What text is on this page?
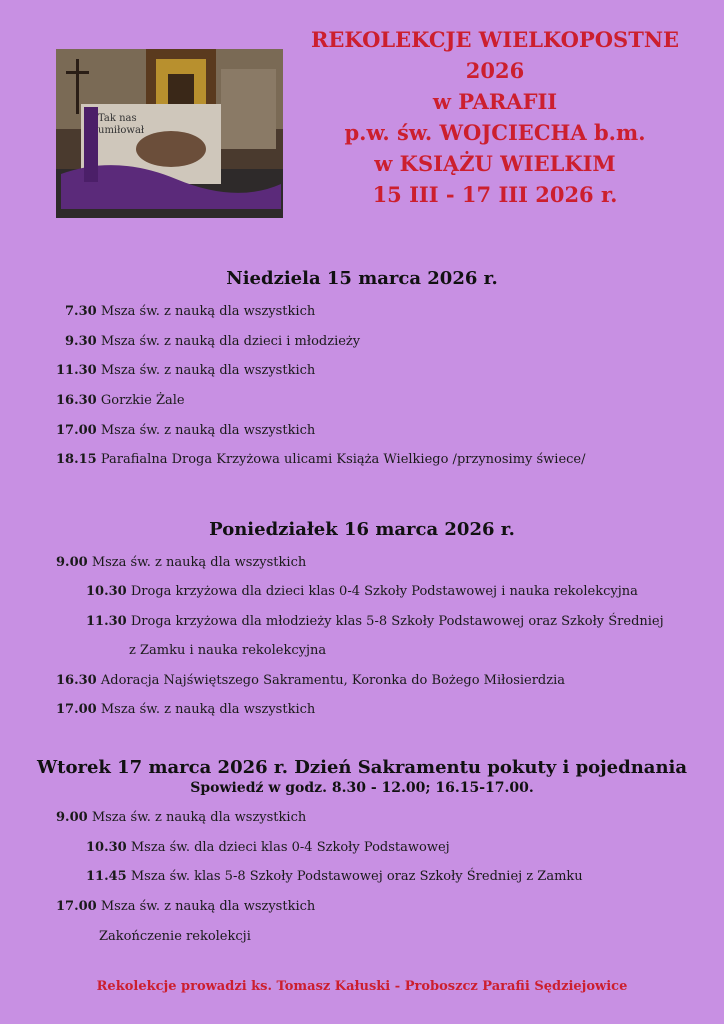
Tak nas
umiłował
REKOLEKCJE WIELKOPOSTNE 2026
w PARAFII
p.w. św. WOJCIECHA b.m.
w KSIĄŻU WIELKIM
15 III - 17 III 2026 r.
Niedziela 15 marca 2026 r.
7.30 Msza św. z nauką dla wszystkich
9.30 Msza św. z nauką dla dzieci i młodzieży
11.30 Msza św. z nauką dla wszystkich
16.30 Gorzkie Żale
17.00 Msza św. z nauką dla wszystkich
18.15 Parafialna Droga Krzyżowa ulicami Książa Wielkiego /przynosimy świece/
Poniedziałek 16 marca 2026 r.
9.00 Msza św. z nauką dla wszystkich
10.30 Droga krzyżowa dla dzieci klas 0-4 Szkoły Podstawowej i nauka rekolekcyjna
11.30 Droga krzyżowa dla młodzieży klas 5-8 Szkoły Podstawowej oraz Szkoły Średniej
z Zamku i nauka rekolekcyjna
16.30 Adoracja Najświętszego Sakramentu, Koronka do Bożego Miłosierdzia
17.00 Msza św. z nauką dla wszystkich
Wtorek 17 marca 2026 r. Dzień Sakramentu pokuty i pojednania
Spowiedź w godz. 8.30 - 12.00; 16.15-17.00.
9.00 Msza św. z nauką dla wszystkich
10.30 Msza św. dla dzieci klas 0-4 Szkoły Podstawowej
11.45 Msza św. klas 5-8 Szkoły Podstawowej oraz Szkoły Średniej z Zamku
17.00 Msza św. z nauką dla wszystkich
Zakończenie rekolekcji
Rekolekcje prowadzi ks. Tomasz Kałuski - Proboszcz Parafii Sędziejowice
